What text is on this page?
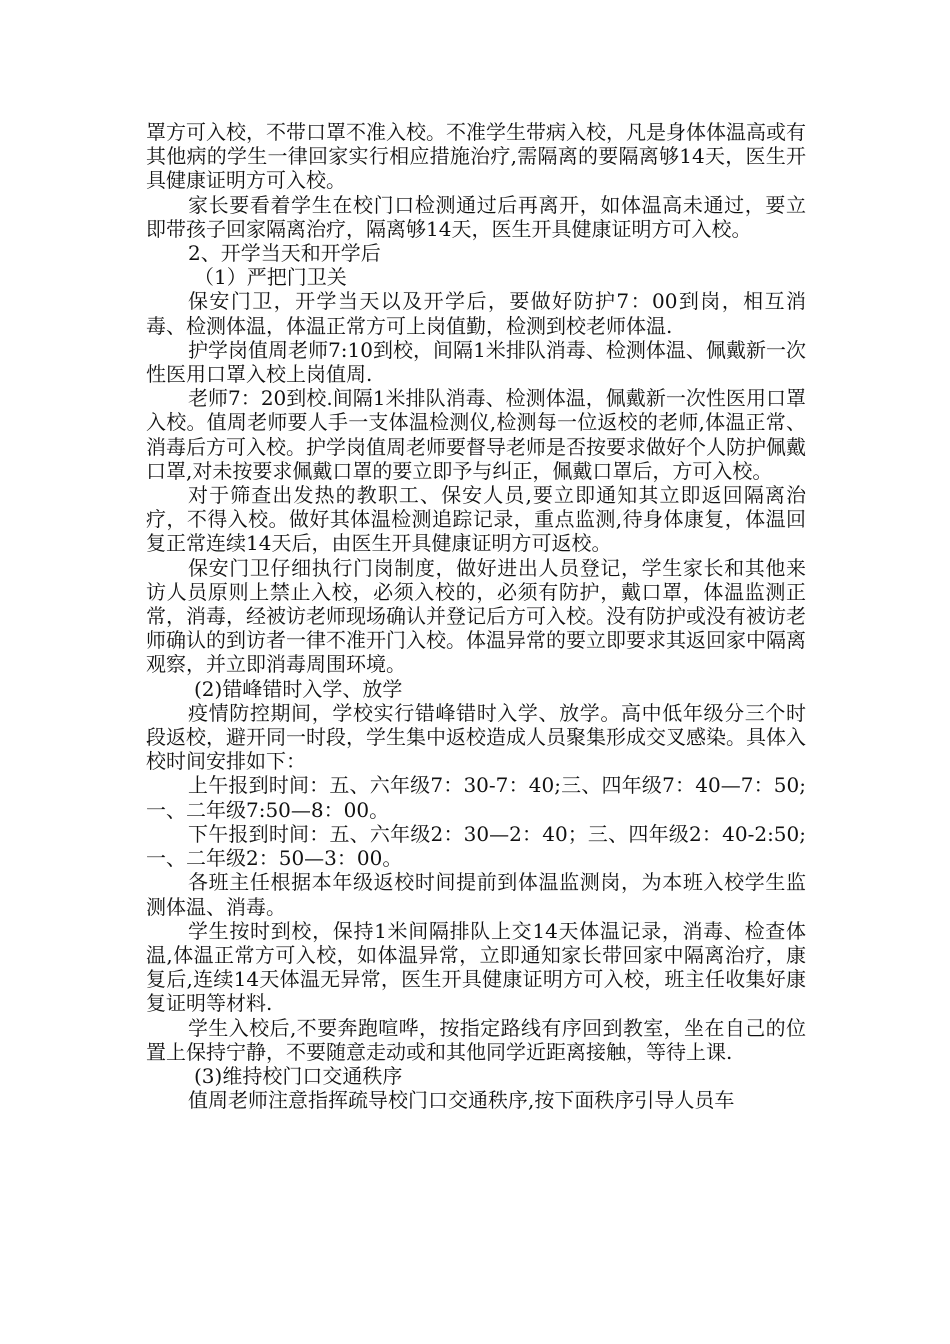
罩方可入校，不带口罩不准入校。不准学生带病入校，凡是身体体温高或有其他病的学生一律回家实行相应措施治疗,需隔离的要隔离够14天，医生开具健康证明方可入校。

家长要看着学生在校门口检测通过后再离开，如体温高未通过，要立即带孩子回家隔离治疗，隔离够14天，医生开具健康证明方可入校。

2、开学当天和开学后

（1）严把门卫关

保安门卫，开学当天以及开学后，要做好防护7：00到岗，相互消毒、检测体温，体温正常方可上岗值勤，检测到校老师体温.

护学岗值周老师7:10到校，间隔1米排队消毒、检测体温、佩戴新一次性医用口罩入校上岗值周.

老师7：20到校.间隔1米排队消毒、检测体温，佩戴新一次性医用口罩入校。值周老师要人手一支体温检测仪,检测每一位返校的老师,体温正常、消毒后方可入校。护学岗值周老师要督导老师是否按要求做好个人防护佩戴口罩,对未按要求佩戴口罩的要立即予与纠正，佩戴口罩后，方可入校。

对于筛查出发热的教职工、保安人员,要立即通知其立即返回隔离治疗，不得入校。做好其体温检测追踪记录，重点监测,待身体康复，体温回复正常连续14天后，由医生开具健康证明方可返校。

保安门卫仔细执行门岗制度，做好进出人员登记，学生家长和其他来访人员原则上禁止入校，必须入校的，必须有防护，戴口罩，体温监测正常，消毒，经被访老师现场确认并登记后方可入校。没有防护或没有被访老师确认的到访者一律不准开门入校。体温异常的要立即要求其返回家中隔离观察，并立即消毒周围环境。

(2)错峰错时入学、放学

疫情防控期间，学校实行错峰错时入学、放学。高中低年级分三个时段返校，避开同一时段，学生集中返校造成人员聚集形成交叉感染。具体入校时间安排如下：

上午报到时间：五、六年级7：30-7：40;三、四年级7：40—7：50;一、二年级7:50—8：00。

下午报到时间：五、六年级2：30—2：40；三、四年级2：40-2:50;一、二年级2：50—3：00。

各班主任根据本年级返校时间提前到体温监测岗，为本班入校学生监测体温、消毒。

学生按时到校，保持1米间隔排队上交14天体温记录，消毒、检查体温,体温正常方可入校，如体温异常，立即通知家长带回家中隔离治疗，康复后,连续14天体温无异常，医生开具健康证明方可入校，班主任收集好康复证明等材料.

学生入校后,不要奔跑喧哗，按指定路线有序回到教室，坐在自己的位置上保持宁静，不要随意走动或和其他同学近距离接触，等待上课.

(3)维持校门口交通秩序

值周老师注意指挥疏导校门口交通秩序,按下面秩序引导人员车
